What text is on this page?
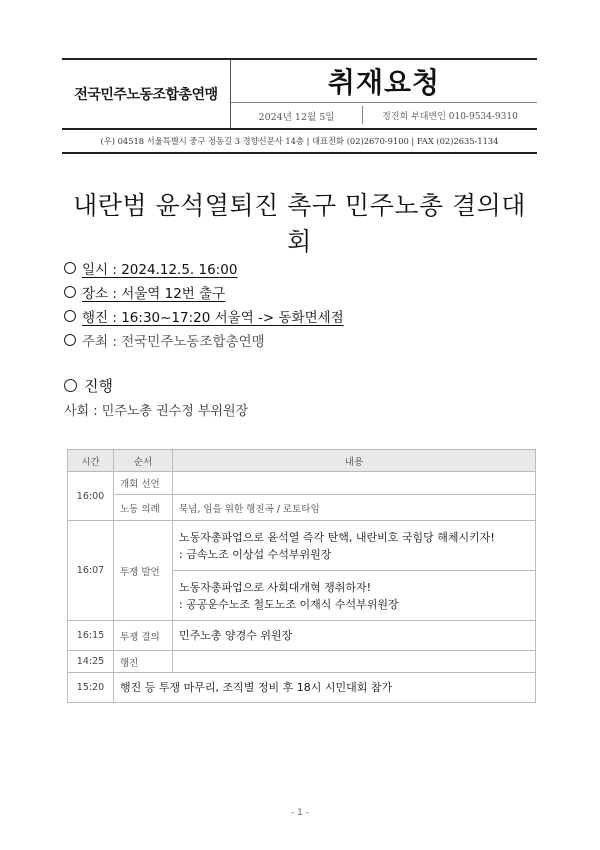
전국민주노동조합총연맹	취재요청
2024년 12월 5일	정진희 부대변인 010-9534-9310
(우) 04518 서울특별시 중구 정동길 3 경향신문사 14층 | 대표전화 (02)2670-9100 | FAX (02)2635-1134
내란범 윤석열퇴진 촉구 민주노총 결의대회
일시 : 2024.12.5. 16:00
장소 : 서울역 12번 출구
행진 : 16:30~17:20 서울역 -> 동화면세점
주최 : 전국민주노동조합총연맹
진행
사회 : 민주노총 권수정 부위원장
시간	순서	내용
16:00	개회 선언	
	노동 의례	묵념, 임을 위한 행진곡 / 로토타임
16:07	투쟁 발언	노동자총파업으로 윤석열 즉각 탄핵, 내란비호 국힘당 해체시키자!
: 금속노조 이상섭 수석부위원장

		노동자총파업으로 사회대개혁 쟁취하자!
: 공공운수노조 철도노조 이재식 수석부위원장

16:15	투쟁 결의	민주노총 양경수 위원장
14:25	행진	
15:20	행진 등 투쟁 마무리, 조직별 정비 후 18시 시민대회 참가	
- 1 -
